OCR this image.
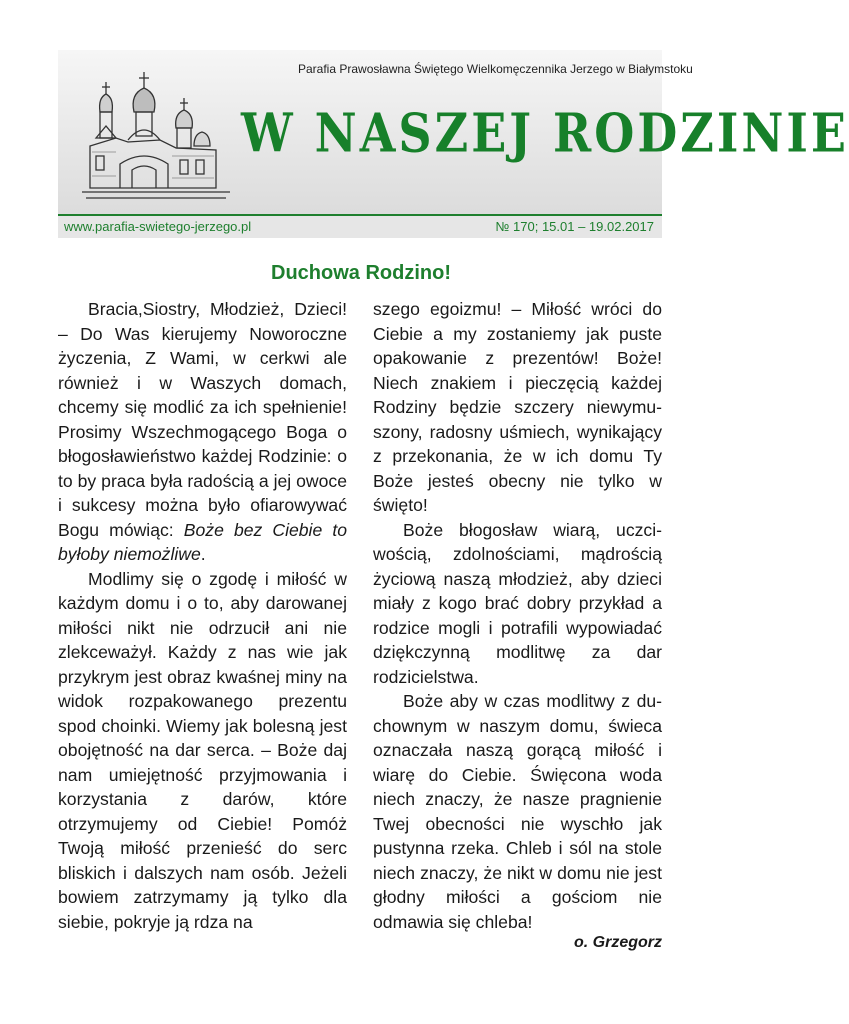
Parafia Prawosławna Świętego Wielkomęczennika Jerzego w Białymstoku
W NASZEJ RODZINIE
www.parafia-swietego-jerzego.pl	№ 170; 15.01 – 19.02.2017
Duchowa Rodzino!

Bracia,Siostry, Młodzież, Dzieci! – Do Was kierujemy Noworoczne życzenia, Z Wami, w cerkwi ale również i w Waszych domach, chcemy się modlić za ich spełnienie! Prosimy Wszechmogącego Boga o błogosławieństwo każdej Rodzinie: o to by praca była radością a jej owoce i sukcesy można było ofiarowywać Bogu mówiąc: Boże bez Ciebie to byłoby niemożliwe.

Modlimy się o zgodę i miłość w każdym domu i o to, aby darowanej miłości nikt nie odrzucił ani nie zlekceważył. Każdy z nas wie jak przykrym jest obraz kwaśnej miny na widok rozpakowanego prezentu spod choinki. Wiemy jak bolesną jest obojętność na dar serca. – Boże daj nam umiejętność przyjmowania i korzystania z darów, które otrzymujemy od Ciebie! Pomóż Twoją miłość przenieść do serc bliskich i dalszych nam osób. Jeżeli bowiem zatrzymamy ją tylko dla siebie, pokryje ją rdza na

szego egoizmu! – Miłość wróci do Ciebie a my zostaniemy jak puste opakowanie z prezentów! Boże! Niech znakiem i pieczęcią każdej Rodziny będzie szczery niewymuszony, radosny uśmiech, wynikający z przekonania, że w ich domu Ty Boże jesteś obecny nie tylko w święto!

Boże błogosław wiarą, uczciwością, zdolnościami, mądrością życiową naszą młodzież, aby dzieci miały z kogo brać dobry przykład a rodzice mogli i potrafili wypowiadać dziękczynną modlitwę za dar rodzicielstwa.

Boże aby w czas modlitwy z duchownym w naszym domu, świeca oznaczała naszą gorącą miłość i wiarę do Ciebie. Święcona woda niech znaczy, że nasze pragnienie Twej obecności nie wyschło jak pustynna rzeka. Chleb i sól na stole niech znaczy, że nikt w domu nie jest głodny miłości a gościom nie odmawia się chleba!

o. Grzegorz
